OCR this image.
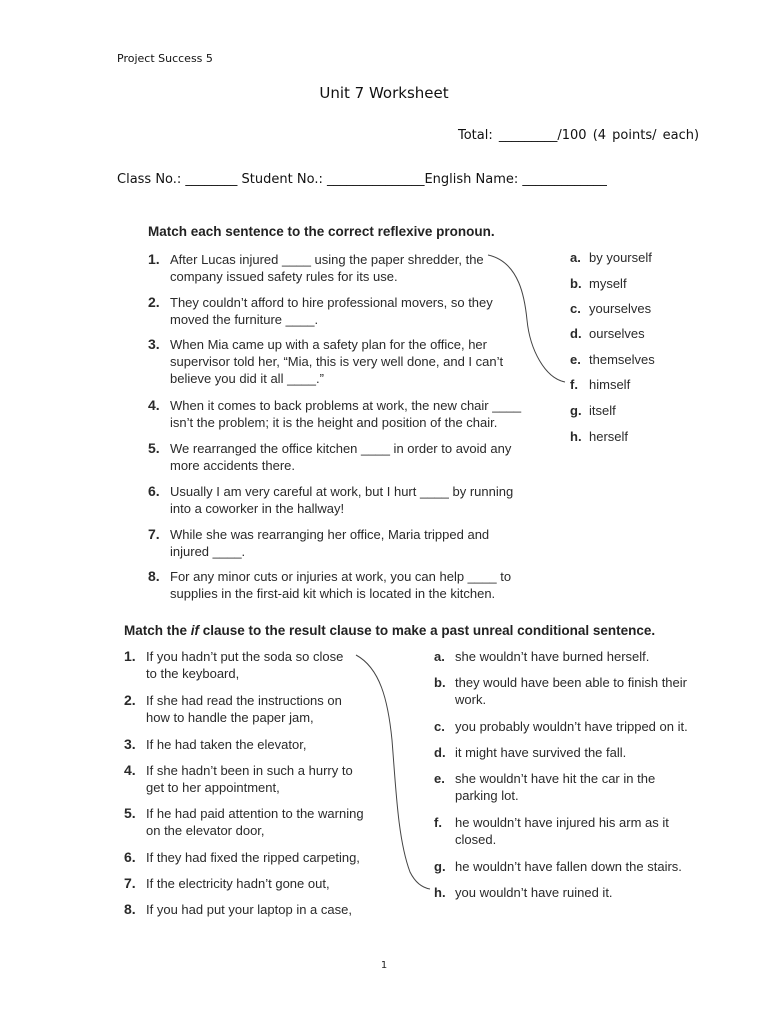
Project Success 5
Unit 7 Worksheet
Total: _________/100 (4 points/ each)
Class No.: ________ Student No.: _______________English Name: _____________
Match each sentence to the correct reflexive pronoun.
1. After Lucas injured ____ using the paper shredder, the
company issued safety rules for its use.
2. They couldn’t afford to hire professional movers, so they
moved the furniture ____.
3. When Mia came up with a safety plan for the office, her
supervisor told her, “Mia, this is very well done, and I can’t
believe you did it all ____.”
4. When it comes to back problems at work, the new chair ____
isn’t the problem; it is the height and position of the chair.
5. We rearranged the office kitchen ____ in order to avoid any
more accidents there.
6. Usually I am very careful at work, but I hurt ____ by running
into a coworker in the hallway!
7. While she was rearranging her office, Maria tripped and
injured ____.
8. For any minor cuts or injuries at work, you can help ____ to
supplies in the first-aid kit which is located in the kitchen.
a. by yourself
b. myself
c. yourselves
d. ourselves
e. themselves
f. himself
g. itself
h. herself
Match the if clause to the result clause to make a past unreal conditional sentence.
1. If you hadn’t put the soda so close
to the keyboard,
2. If she had read the instructions on
how to handle the paper jam,
3. If he had taken the elevator,
4. If she hadn’t been in such a hurry to
get to her appointment,
5. If he had paid attention to the warning
on the elevator door,
6. If they had fixed the ripped carpeting,
7. If the electricity hadn’t gone out,
8. If you had put your laptop in a case,
a. she wouldn’t have burned herself.
b. they would have been able to finish their
work.
c. you probably wouldn’t have tripped on it.
d. it might have survived the fall.
e. she wouldn’t have hit the car in the
parking lot.
f. he wouldn’t have injured his arm as it
closed.
g. he wouldn’t have fallen down the stairs.
h. you wouldn’t have ruined it.
1
